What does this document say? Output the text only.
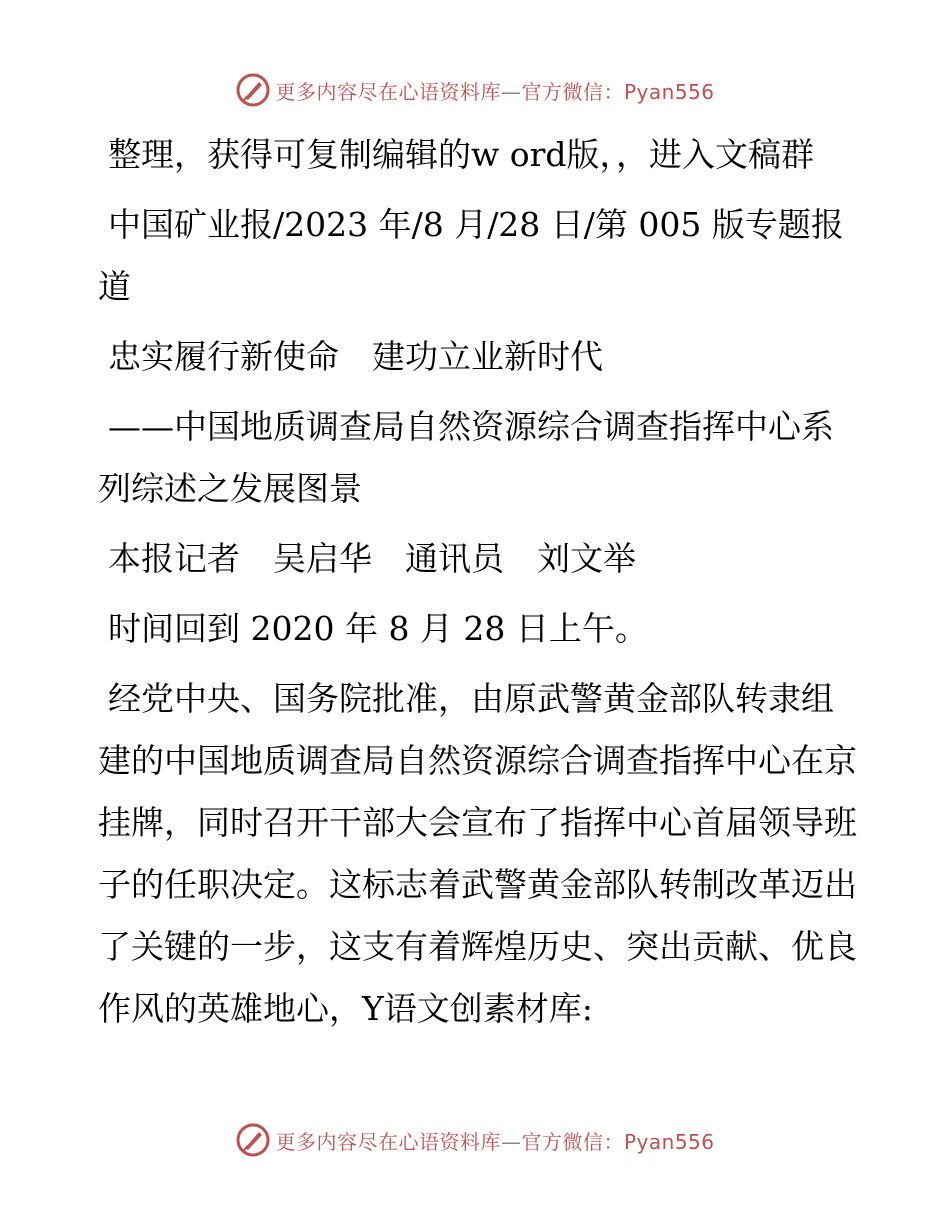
更多内容尽在心语资料库—官方微信：Pyan556

整理，获得可复制编辑的w ord版，，进入文稿群

中国矿业报/2023 年/8 月/28 日/第 005 版专题报道

忠实履行新使命　建功立业新时代

——中国地质调查局自然资源综合调查指挥中心系列综述之发展图景

本报记者　吴启华　通讯员　刘文举

时间回到 2020 年 8 月 28 日上午。

经党中央、国务院批准，由原武警黄金部队转隶组建的中国地质调查局自然资源综合调查指挥中心在京挂牌，同时召开干部大会宣布了指挥中心首届领导班子的任职决定。这标志着武警黄金部队转制改革迈出了关键的一步，这支有着辉煌历史、突出贡献、优良作风的英雄地心，Y语文创素材库:

更多内容尽在心语资料库—官方微信：Pyan556
